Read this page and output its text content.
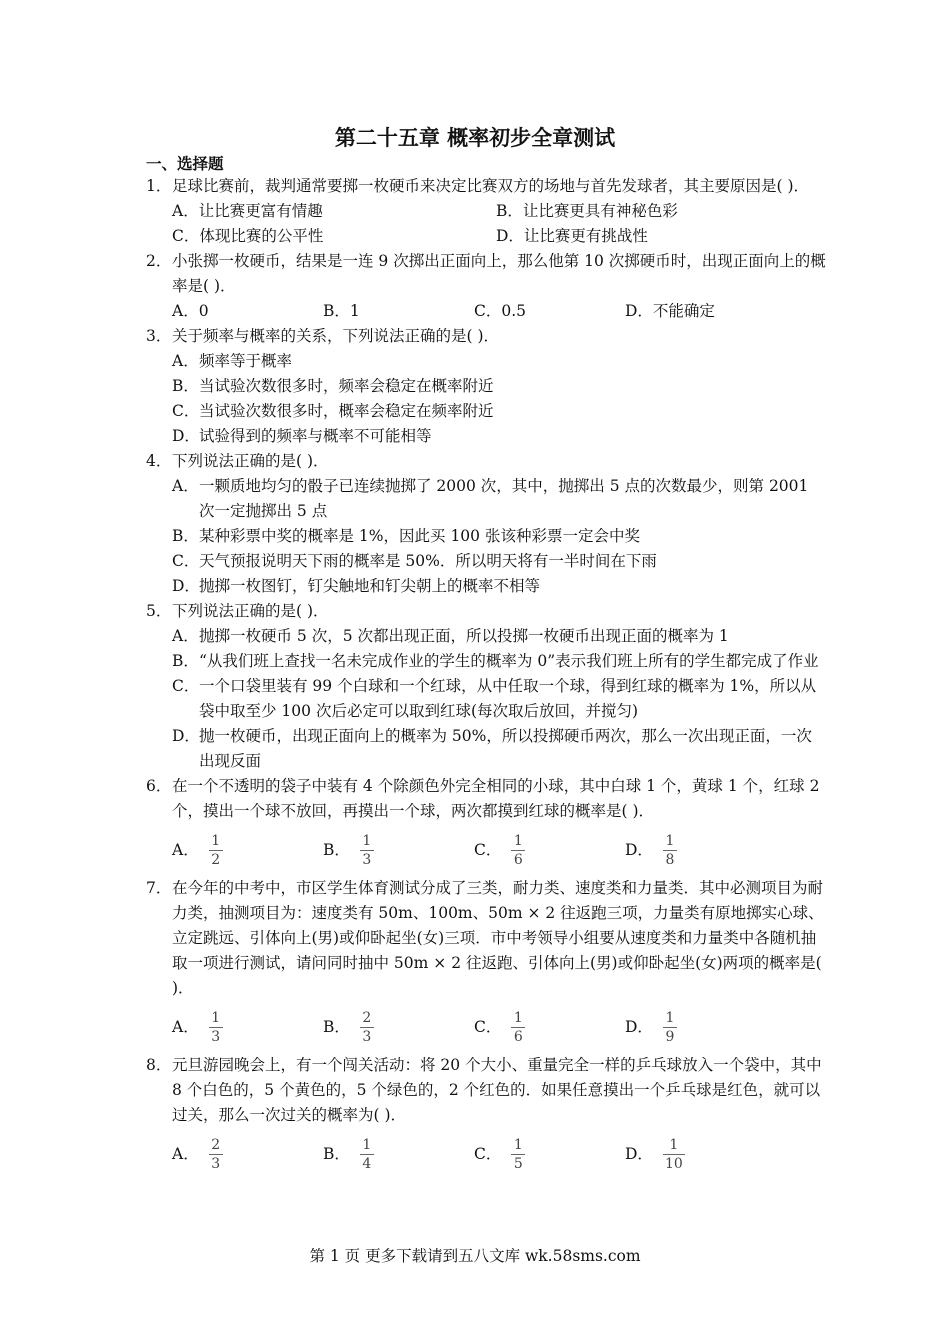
第二十五章 概率初步全章测试
一、选择题
1． 足球比赛前，裁判通常要掷一枚硬币来决定比赛双方的场地与首先发球者，其主要原因是( )．
A．让比赛更富有情趣	B．让比赛更具有神秘色彩
C．体现比赛的公平性	D．让比赛更有挑战性
2． 小张掷一枚硬币，结果是一连 9 次掷出正面向上，那么他第 10 次掷硬币时，出现正面向上的概率是( )．
A．0	B．1	C．0.5	D．不能确定
3． 关于频率与概率的关系，下列说法正确的是( )．
A． 频率等于概率
B． 当试验次数很多时，频率会稳定在概率附近
C． 当试验次数很多时，概率会稳定在频率附近
D． 试验得到的频率与概率不可能相等
4． 下列说法正确的是( )．
A． 一颗质地均匀的骰子已连续抛掷了 2000 次，其中，抛掷出 5 点的次数最少，则第 2001 次一定抛掷出 5 点
B． 某种彩票中奖的概率是 1%，因此买 100 张该种彩票一定会中奖
C． 天气预报说明天下雨的概率是 50%．所以明天将有一半时间在下雨
D． 抛掷一枚图钉，钉尖触地和钉尖朝上的概率不相等
5． 下列说法正确的是( )．
A． 抛掷一枚硬币 5 次，5 次都出现正面，所以投掷一枚硬币出现正面的概率为 1
B． “从我们班上查找一名未完成作业的学生的概率为 0”表示我们班上所有的学生都完成了作业
C． 一个口袋里装有 99 个白球和一个红球，从中任取一个球，得到红球的概率为 1%，所以从袋中取至少 100 次后必定可以取到红球(每次取后放回，并搅匀)
D． 抛一枚硬币，出现正面向上的概率为 50%，所以投掷硬币两次，那么一次出现正面，一次出现反面
6． 在一个不透明的袋子中装有 4 个除颜色外完全相同的小球，其中白球 1 个，黄球 1 个，红球 2 个，摸出一个球不放回，再摸出一个球，两次都摸到红球的概率是( )．
A． $\frac{1}{2}$	B． $\frac{1}{3}$	C． $\frac{1}{6}$	D． $\frac{1}{8}$
7． 在今年的中考中，市区学生体育测试分成了三类，耐力类、速度类和力量类．其中必测项目为耐力类，抽测项目为：速度类有 50m、100m、50m × 2 往返跑三项，力量类有原地掷实心球、立定跳远、引体向上(男)或仰卧起坐(女)三项．市中考领导小组要从速度类和力量类中各随机抽取一项进行测试，请问同时抽中 50m × 2 往返跑、引体向上(男)或仰卧起坐(女)两项的概率是( )．
A． $\frac{1}{3}$	B． $\frac{2}{3}$	C． $\frac{1}{6}$	D． $\frac{1}{9}$
8． 元旦游园晚会上，有一个闯关活动：将 20 个大小、重量完全一样的乒乓球放入一个袋中，其中 8 个白色的，5 个黄色的，5 个绿色的，2 个红色的．如果任意摸出一个乒乓球是红色，就可以过关，那么一次过关的概率为( )．
A． $\frac{2}{3}$	B． $\frac{1}{4}$	C． $\frac{1}{5}$	D． $\frac{1}{10}$
第 1 页 更多下载请到五八文库 wk.58sms.com
